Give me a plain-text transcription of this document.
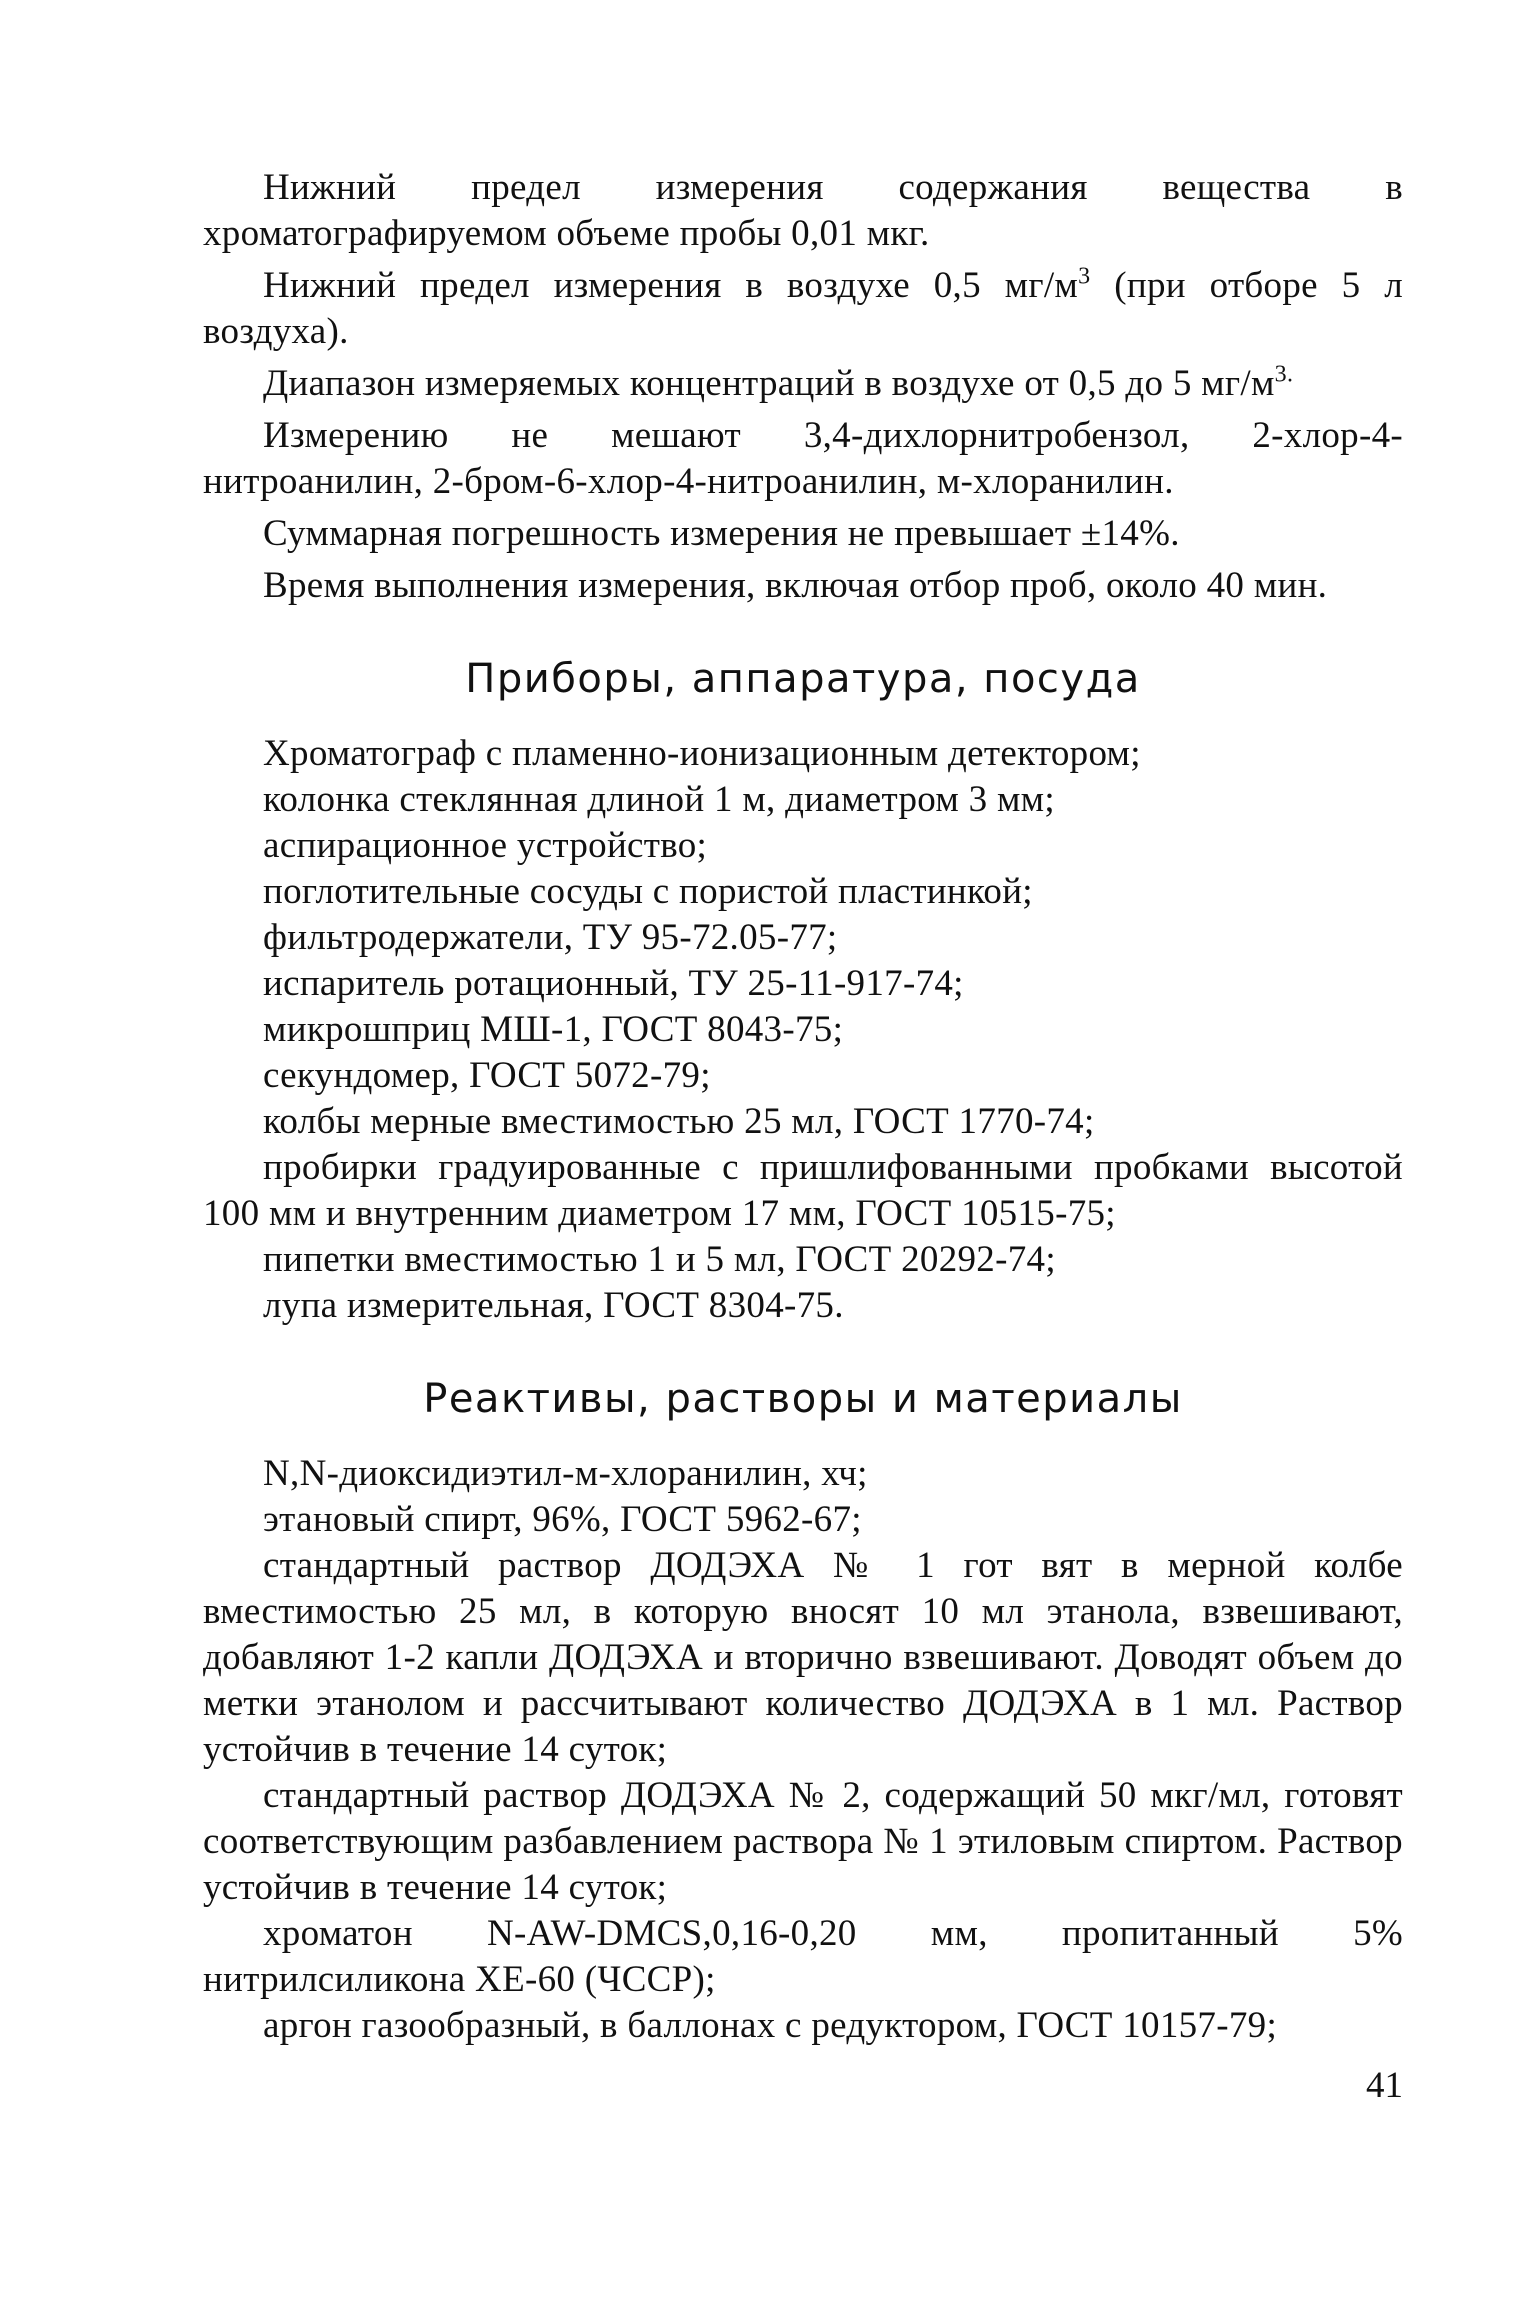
Нижний предел измерения содержания вещества в хроматографируемом объеме пробы 0,01 мкг.

Нижний предел измерения в воздухе 0,5 $мг/м^3$ (при отборе 5 л воздуха).

Диапазон измеряемых концентраций в воздухе от 0,5 до 5 $мг/м^{3.}$

Измерению не мешают 3,4-дихлорнитробензол, 2-хлор-4-нитроанилин, 2-бром-6-хлор-4-нитроанилин, м-хлоранилин.

Суммарная погрешность измерения не превышает ±14%.

Время выполнения измерения, включая отбор проб, около 40 мин.

Приборы, аппаратура, посуда
Хроматограф с пламенно-ионизационным детектором;
колонка стеклянная длиной 1 м, диаметром 3 мм;
аспирационное устройство;
поглотительные сосуды с пористой пластинкой;
фильтродержатели, ТУ 95-72.05-77;
испаритель ротационный, ТУ 25-11-917-74;
микрошприц МШ-1, ГОСТ 8043-75;
секундомер, ГОСТ 5072-79;
колбы мерные вместимостью 25 мл, ГОСТ 1770-74;
пробирки градуированные с пришлифованными пробками высотой 100 мм и внутренним диаметром 17 мм, ГОСТ 10515-75;
пипетки вместимостью 1 и 5 мл, ГОСТ 20292-74;
лупа измерительная, ГОСТ 8304-75.
Реактивы, растворы и материалы
N,N-диоксидиэтил-м-хлоранилин, хч;
этановый спирт, 96%, ГОСТ 5962-67;
стандартный раствор ДОДЭХА № 1 гот вят в мерной колбе вместимостью 25 мл, в которую вносят 10 мл этанола, взвешивают, добавляют 1-2 капли ДОДЭХА и вторично взвешивают. Доводят объем до метки этанолом и рассчитывают количество ДОДЭХА в 1 мл. Раствор устойчив в течение 14 суток;
стандартный раствор ДОДЭХА № 2, содержащий 50 мкг/мл, готовят соответствующим разбавлением раствора № 1 этиловым спиртом. Раствор устойчив в течение 14 суток;
хроматон N-AW-DMCS,0,16-0,20 мм, пропитанный 5% нитрилсиликона XE-60 (ЧССР);
аргон газообразный, в баллонах с редуктором, ГОСТ 10157-79;
41
